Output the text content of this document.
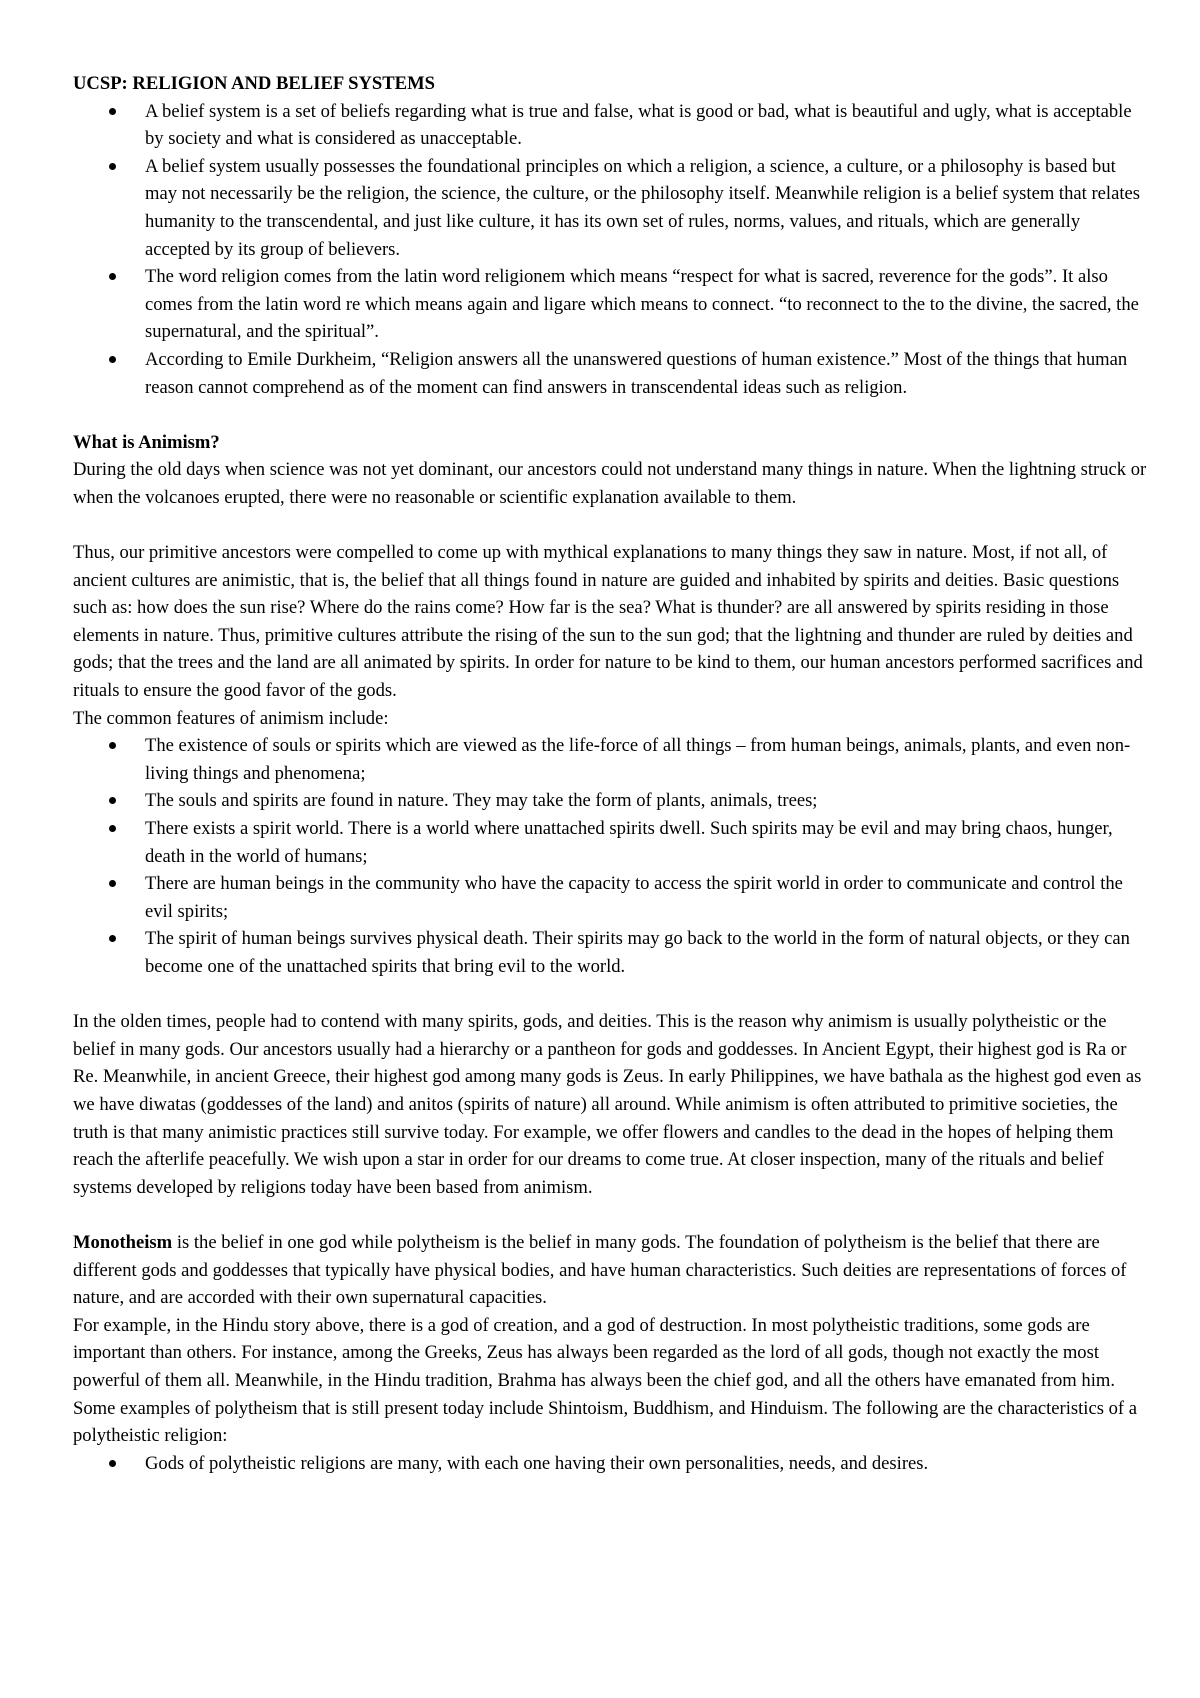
UCSP: RELIGION AND BELIEF SYSTEMS

A belief system is a set of beliefs regarding what is true and false, what is good or bad, what is beautiful and ugly, what is acceptable by society and what is considered as unacceptable.
A belief system usually possesses the foundational principles on which a religion, a science, a culture, or a philosophy is based but may not necessarily be the religion, the science, the culture, or the philosophy itself. Meanwhile religion is a belief system that relates humanity to the transcendental, and just like culture, it has its own set of rules, norms, values, and rituals, which are generally accepted by its group of believers.
The word religion comes from the latin word religionem which means “respect for what is sacred, reverence for the gods”. It also comes from the latin word re which means again and ligare which means to connect. “to reconnect to the to the divine, the sacred, the supernatural, and the spiritual”.
According to Emile Durkheim, “Religion answers all the unanswered questions of human existence.” Most of the things that human reason cannot comprehend as of the moment can find answers in transcendental ideas such as religion.

What is Animism?

During the old days when science was not yet dominant, our ancestors could not understand many things in nature. When the lightning struck or when the volcanoes erupted, there were no reasonable or scientific explanation available to them.

Thus, our primitive ancestors were compelled to come up with mythical explanations to many things they saw in nature. Most, if not all, of ancient cultures are animistic, that is, the belief that all things found in nature are guided and inhabited by spirits and deities. Basic questions such as: how does the sun rise? Where do the rains come? How far is the sea? What is thunder? are all answered by spirits residing in those elements in nature. Thus, primitive cultures attribute the rising of the sun to the sun god; that the lightning and thunder are ruled by deities and gods; that the trees and the land are all animated by spirits. In order for nature to be kind to them, our human ancestors performed sacrifices and rituals to ensure the good favor of the gods.

The common features of animism include:

The existence of souls or spirits which are viewed as the life-force of all things – from human beings, animals, plants, and even non-living things and phenomena;
The souls and spirits are found in nature. They may take the form of plants, animals, trees;
There exists a spirit world. There is a world where unattached spirits dwell. Such spirits may be evil and may bring chaos, hunger, death in the world of humans;
There are human beings in the community who have the capacity to access the spirit world in order to communicate and control the evil spirits;
The spirit of human beings survives physical death. Their spirits may go back to the world in the form of natural objects, or they can become one of the unattached spirits that bring evil to the world.

In the olden times, people had to contend with many spirits, gods, and deities. This is the reason why animism is usually polytheistic or the belief in many gods. Our ancestors usually had a hierarchy or a pantheon for gods and goddesses. In Ancient Egypt, their highest god is Ra or Re. Meanwhile, in ancient Greece, their highest god among many gods is Zeus. In early Philippines, we have bathala as the highest god even as we have diwatas (goddesses of the land) and anitos (spirits of nature) all around. While animism is often attributed to primitive societies, the truth is that many animistic practices still survive today. For example, we offer flowers and candles to the dead in the hopes of helping them reach the afterlife peacefully. We wish upon a star in order for our dreams to come true. At closer inspection, many of the rituals and belief systems developed by religions today have been based from animism.

Monotheism is the belief in one god while polytheism is the belief in many gods. The foundation of polytheism is the belief that there are different gods and goddesses that typically have physical bodies, and have human characteristics. Such deities are representations of forces of nature, and are accorded with their own supernatural capacities.

For example, in the Hindu story above, there is a god of creation, and a god of destruction. In most polytheistic traditions, some gods are important than others. For instance, among the Greeks, Zeus has always been regarded as the lord of all gods, though not exactly the most powerful of them all. Meanwhile, in the Hindu tradition, Brahma has always been the chief god, and all the others have emanated from him. Some examples of polytheism that is still present today include Shintoism, Buddhism, and Hinduism. The following are the characteristics of a polytheistic religion:

Gods of polytheistic religions are many, with each one having their own personalities, needs, and desires.
